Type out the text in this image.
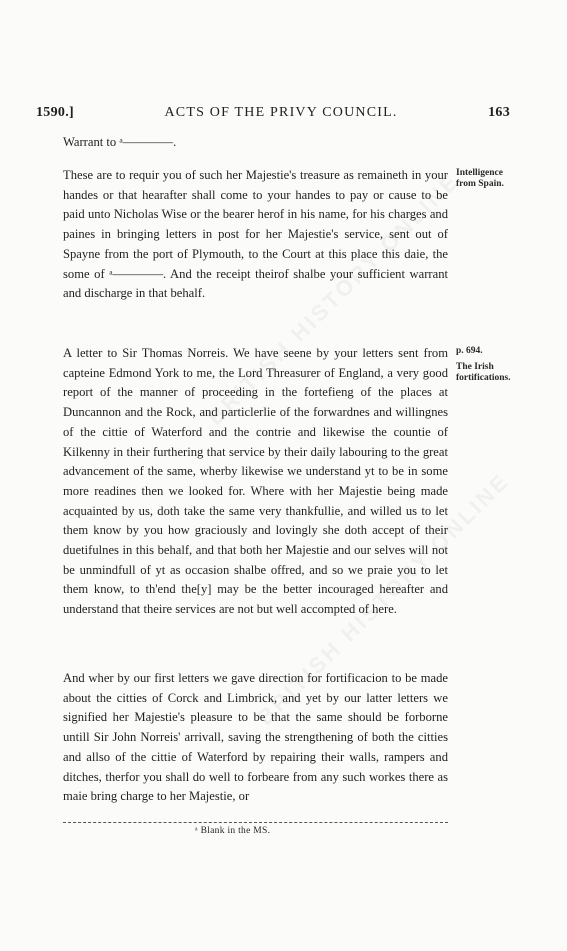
1590.]	ACTS OF THE PRIVY COUNCIL.	163

Warrant to ᵃ————.

These are to requir you of such her Majestie's treasure as remaineth in your handes or that hearafter shall come to your handes to pay or cause to be paid unto Nicholas Wise or the bearer herof in his name, for his charges and paines in bringing letters in post for her Majestie's service, sent out of Spayne from the port of Plymouth, to the Court at this place this daie, the some of ᵃ————. And the receipt theirof shalbe your sufficient warrant and discharge in that behalf.

A letter to Sir Thomas Norreis. We have seene by your letters sent from capteine Edmond York to me, the Lord Threasurer of England, a very good report of the manner of proceeding in the fortefieng of the places at Duncannon and the Rock, and particlerlie of the forwardnes and willingnes of the cittie of Waterford and the contrie and likewise the countie of Kilkenny in their furthering that service by their daily labouring to the great advancement of the same, wherby likewise we understand yt to be in some more readines then we looked for. Where with her Majestie being made acquainted by us, doth take the same very thankfullie, and willed us to let them know by you how graciously and lovingly she doth accept of their duetifulnes in this behalf, and that both her Majestie and our selves will not be unmindfull of yt as occasion shalbe offred, and so we praie you to let them know, to th'end the[y] may be the better incouraged hereafter and understand that theire services are not but well accompted of here.

And wher by our first letters we gave direction for fortificacion to be made about the citties of Corck and Limbrick, and yet by our latter letters we signified her Majestie's pleasure to be that the same should be forborne untill Sir John Norreis' arrivall, saving the strengthening of both the citties and allso of the cittie of Waterford by repairing their walls, rampers and ditches, therfor you shall do well to forbeare from any such workes there as maie bring charge to her Majestie, or

Intelligence
from Spain.
p. 694.
The Irish
fortifications.
ᵃ Blank in the MS.
